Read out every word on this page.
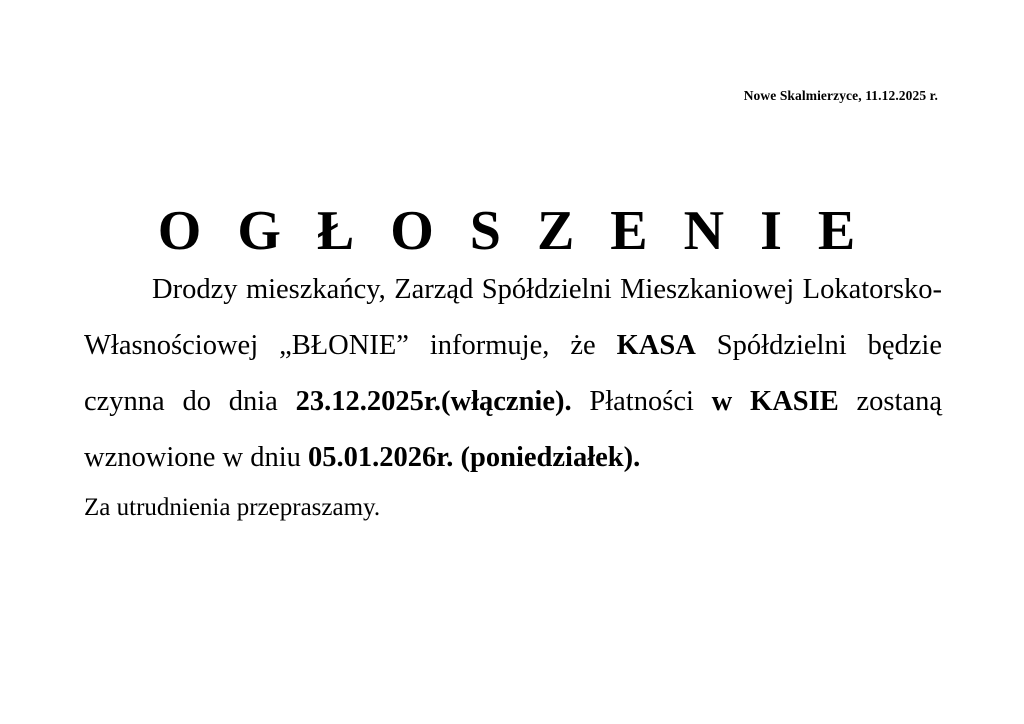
Nowe Skalmierzyce, 11.12.2025 r.
O G Ł O S Z E N I E

Drodzy mieszkańcy, Zarząd Spółdzielni Mieszkaniowej Lokatorsko-Własnościowej „BŁONIE” informuje, że KASA Spółdzielni będzie czynna do dnia 23.12.2025r.(włącznie). Płatności w KASIE zostaną wznowione w dniu 05.01.2026r. (poniedziałek).

Za utrudnienia przepraszamy.
